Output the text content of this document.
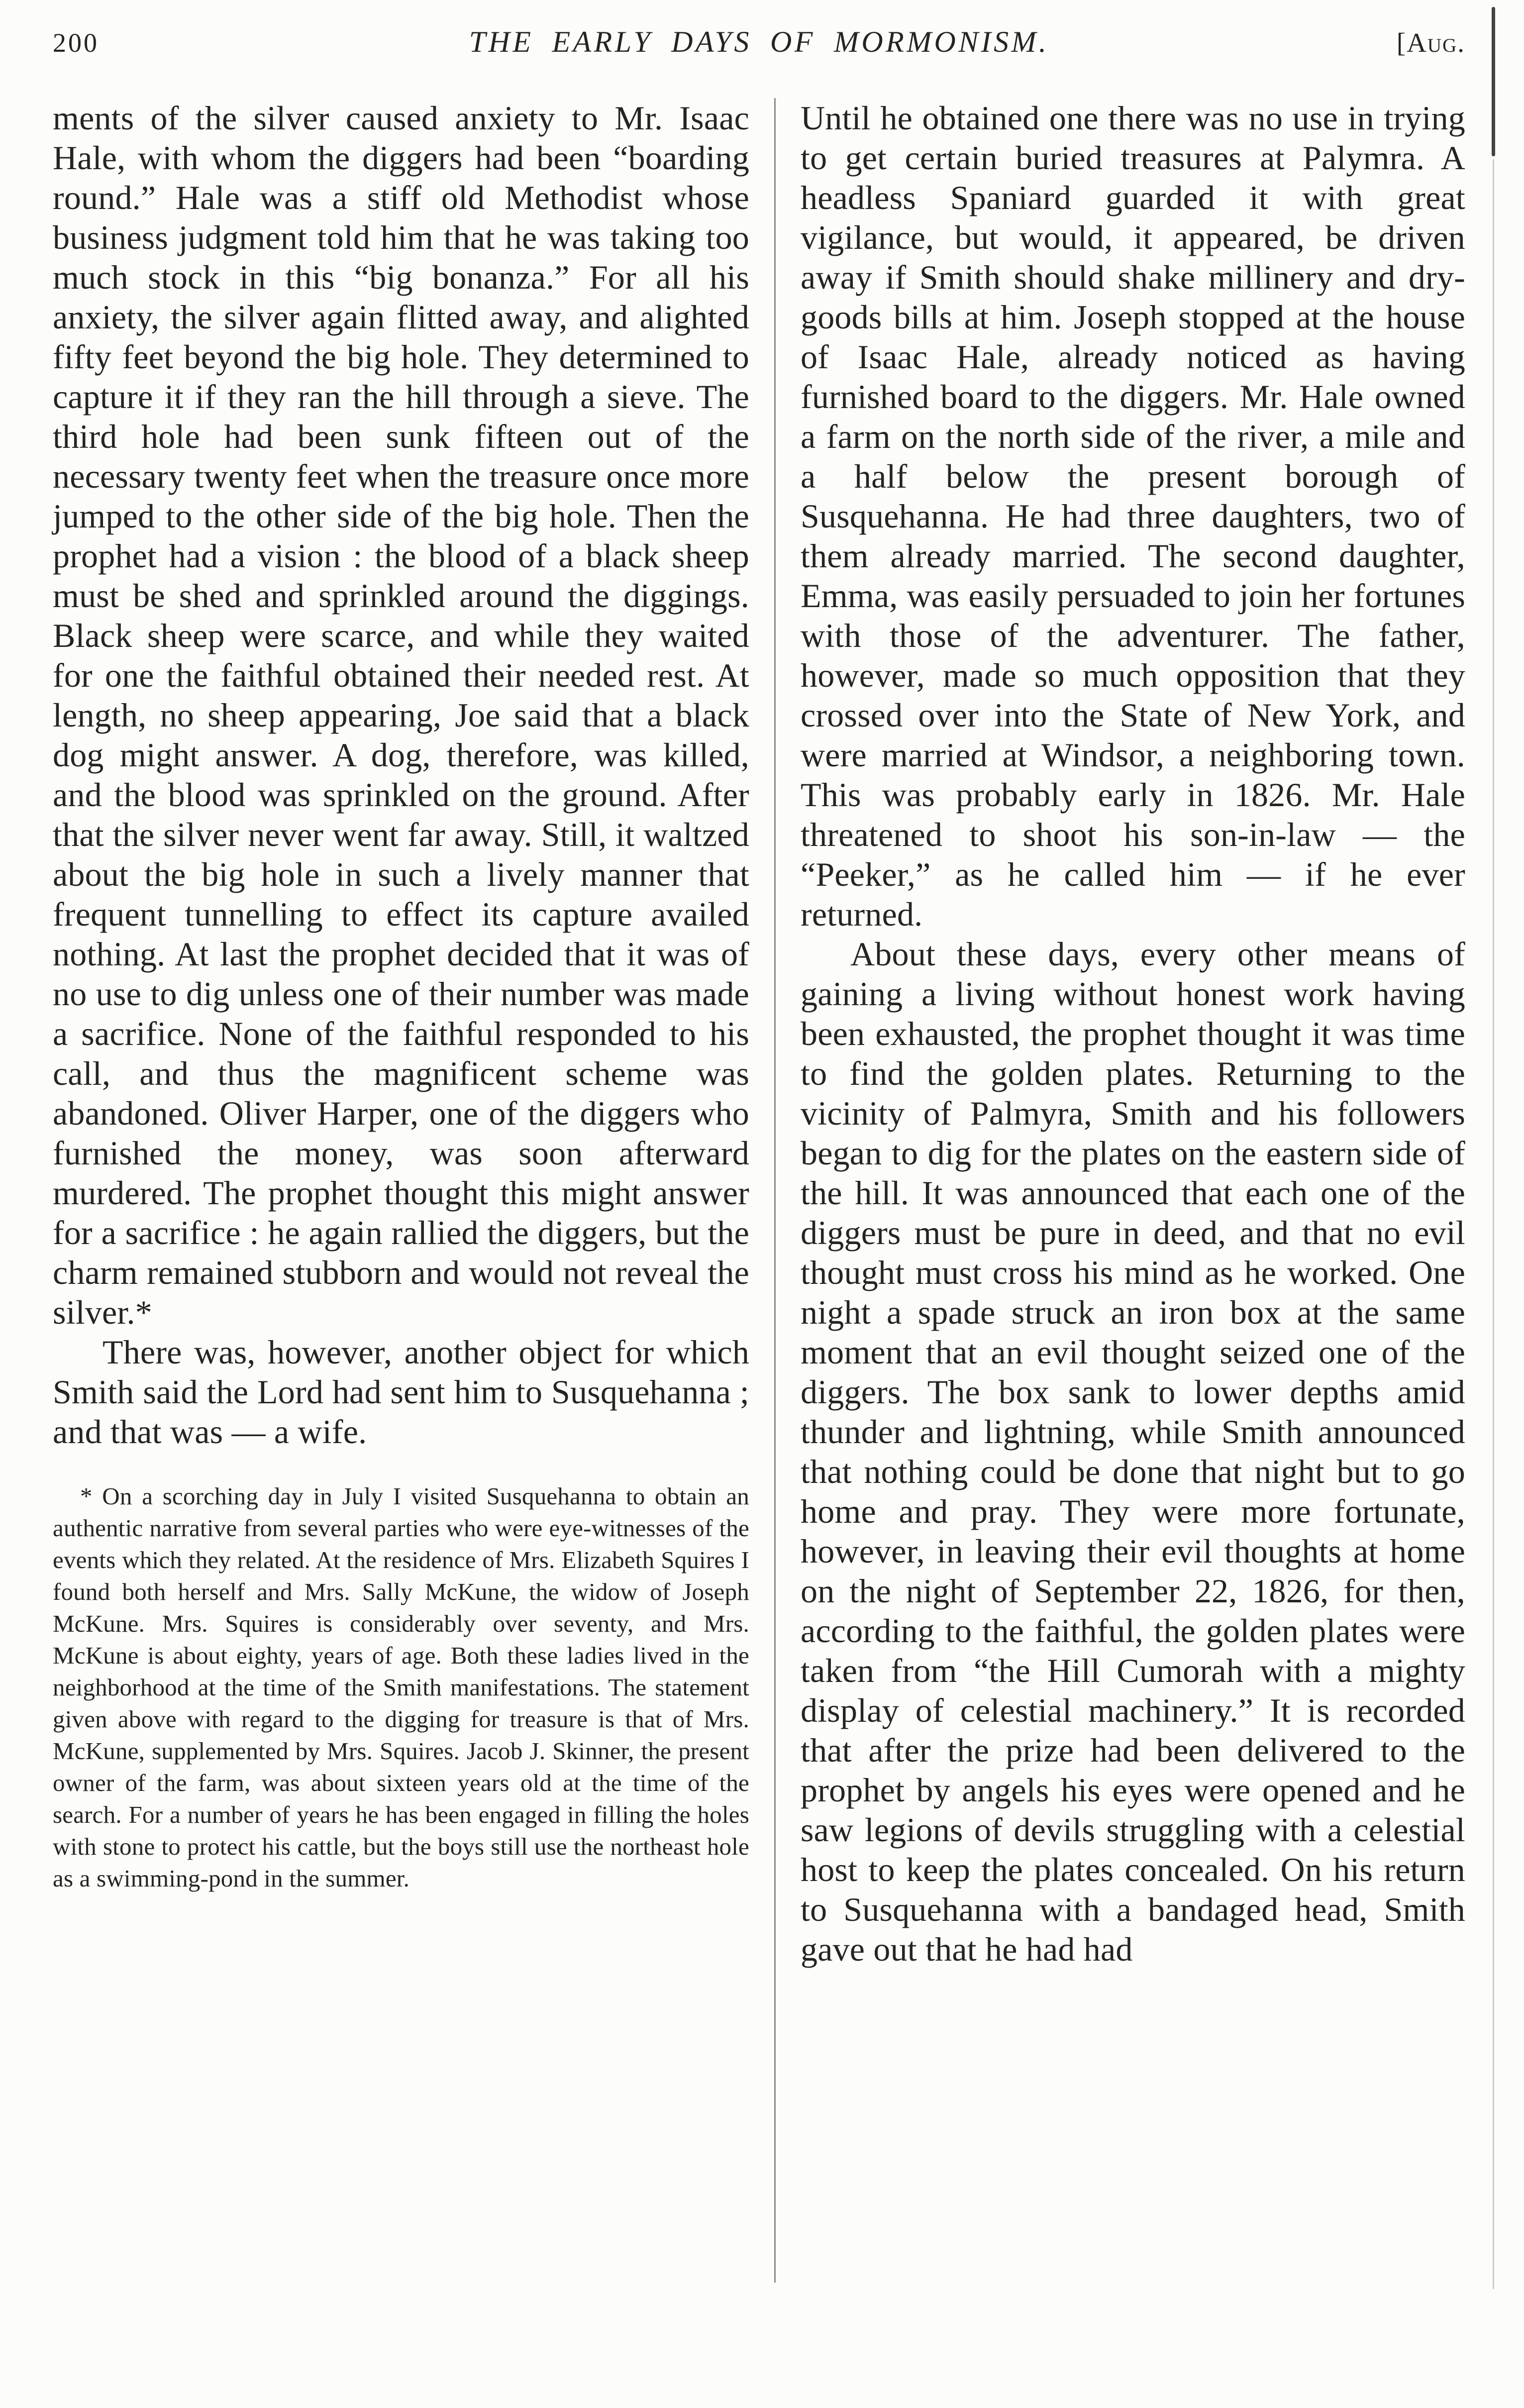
200	THE EARLY DAYS OF MORMONISM.	[Aug.

ments of the silver caused anxiety to Mr. Isaac Hale, with whom the diggers had been “boarding round.” Hale was a stiff old Methodist whose business judgment told him that he was taking too much stock in this “big bonanza.” For all his anxiety, the silver again flitted away, and alighted fifty feet beyond the big hole. They determined to capture it if they ran the hill through a sieve. The third hole had been sunk fifteen out of the necessary twenty feet when the treasure once more jumped to the other side of the big hole. Then the prophet had a vision : the blood of a black sheep must be shed and sprinkled around the diggings. Black sheep were scarce, and while they waited for one the faithful obtained their needed rest. At length, no sheep appearing, Joe said that a black dog might answer. A dog, therefore, was killed, and the blood was sprinkled on the ground. After that the silver never went far away. Still, it waltzed about the big hole in such a lively manner that frequent tunnelling to effect its capture availed nothing. At last the prophet decided that it was of no use to dig unless one of their number was made a sacrifice. None of the faithful responded to his call, and thus the magnificent scheme was abandoned. Oliver Harper, one of the diggers who furnished the money, was soon afterward murdered. The prophet thought this might answer for a sacrifice : he again rallied the diggers, but the charm remained stubborn and would not reveal the silver.*

There was, however, another object for which Smith said the Lord had sent him to Susquehanna ; and that was — a wife.

* On a scorching day in July I visited Susquehanna to obtain an authentic narrative from several parties who were eye-witnesses of the events which they related. At the residence of Mrs. Elizabeth Squires I found both herself and Mrs. Sally McKune, the widow of Joseph McKune. Mrs. Squires is considerably over seventy, and Mrs. McKune is about eighty, years of age. Both these ladies lived in the neighborhood at the time of the Smith manifestations. The statement given above with regard to the digging for treasure is that of Mrs. McKune, supplemented by Mrs. Squires. Jacob J. Skinner, the present owner of the farm, was about sixteen years old at the time of the search. For a number of years he has been engaged in filling the holes with stone to protect his cattle, but the boys still use the northeast hole as a swimming-pond in the summer.

Until he obtained one there was no use in trying to get certain buried treasures at Palymra. A headless Spaniard guarded it with great vigilance, but would, it appeared, be driven away if Smith should shake millinery and dry-goods bills at him. Joseph stopped at the house of Isaac Hale, already noticed as having furnished board to the diggers. Mr. Hale owned a farm on the north side of the river, a mile and a half below the present borough of Susquehanna. He had three daughters, two of them already married. The second daughter, Emma, was easily persuaded to join her fortunes with those of the adventurer. The father, however, made so much opposition that they crossed over into the State of New York, and were married at Windsor, a neighboring town. This was probably early in 1826. Mr. Hale threatened to shoot his son-in-law — the “Peeker,” as he called him — if he ever returned.

About these days, every other means of gaining a living without honest work having been exhausted, the prophet thought it was time to find the golden plates. Returning to the vicinity of Palmyra, Smith and his followers began to dig for the plates on the eastern side of the hill. It was announced that each one of the diggers must be pure in deed, and that no evil thought must cross his mind as he worked. One night a spade struck an iron box at the same moment that an evil thought seized one of the diggers. The box sank to lower depths amid thunder and lightning, while Smith announced that nothing could be done that night but to go home and pray. They were more fortunate, however, in leaving their evil thoughts at home on the night of September 22, 1826, for then, according to the faithful, the golden plates were taken from “the Hill Cumorah with a mighty display of celestial machinery.” It is recorded that after the prize had been delivered to the prophet by angels his eyes were opened and he saw legions of devils struggling with a celestial host to keep the plates concealed. On his return to Susquehanna with a bandaged head, Smith gave out that he had had
